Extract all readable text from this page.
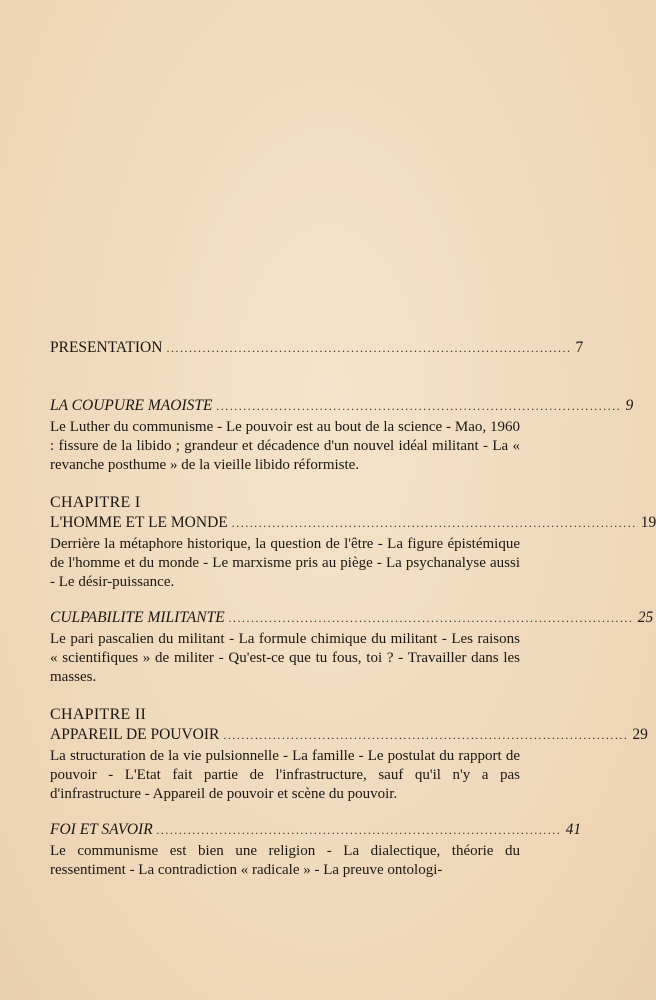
PRESENTATION .......................................................................................... 7
LA COUPURE MAOISTE .......................................................................................... 9

Le Luther du communisme - Le pouvoir est au bout de la science - Mao, 1960 : fissure de la libido ; grandeur et décadence d'un nouvel idéal militant - La « revanche posthume » de la vieille libido réformiste.

CHAPITRE I
L'HOMME ET LE MONDE .......................................................................................... 19

Derrière la métaphore historique, la question de l'être - La figure épistémique de l'homme et du monde - Le marxisme pris au piège - La psychanalyse aussi - Le désir-puissance.

CULPABILITE MILITANTE .......................................................................................... 25

Le pari pascalien du militant - La formule chimique du militant - Les raisons « scientifiques » de militer - Qu'est-ce que tu fous, toi ? - Travailler dans les masses.

CHAPITRE II
APPAREIL DE POUVOIR .......................................................................................... 29

La structuration de la vie pulsionnelle - La famille - Le postulat du rapport de pouvoir - L'Etat fait partie de l'infrastructure, sauf qu'il n'y a pas d'infrastructure - Appareil de pouvoir et scène du pouvoir.

FOI ET SAVOIR .......................................................................................... 41

Le communisme est bien une religion - La dialectique, théorie du ressentiment - La contradiction « radicale » - La preuve ontologi-
